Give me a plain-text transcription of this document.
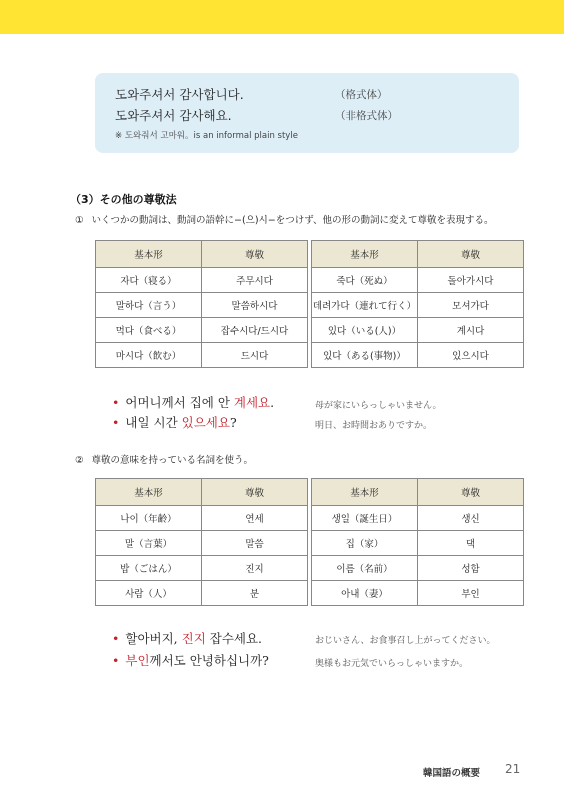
도와주셔서 감사합니다.	（格式体）
도와주셔서 감사해요.	（非格式体）
※ 도와줘서 고마워。is an informal plain style
（3）その他の尊敬法
① いくつかの動詞は、動詞の語幹に−(으)시−をつけず、他の形の動詞に変えて尊敬を表現する。
基本形	尊敬		基本形	尊敬
자다（寝る）	주무시다		죽다（死ぬ）	돌아가시다
말하다（言う）	말씀하시다		데려가다（連れて行く）	모셔가다
먹다（食べる）	잡수시다/드시다		있다（いる(人)）	계시다
마시다（飲む）	드시다		있다（ある(事物)）	있으시다
• 어머니께서 집에 안 계세요.	母が家にいらっしゃいません。
• 내일 시간 있으세요?	明日、お時間おありですか。
② 尊敬の意味を持っている名詞を使う。
基本形	尊敬		基本形	尊敬
나이（年齢）	연세		생일（誕生日）	생신
말（言葉）	말씀		집（家）	댁
밥（ごはん）	진지		이름（名前）	성함
사람（人）	분		아내（妻）	부인
• 할아버지, 진지 잡수세요.	おじいさん、お食事召し上がってください。
• 부인께서도 안녕하십니까?	奥様もお元気でいらっしゃいますか。
韓国語の概要 21
